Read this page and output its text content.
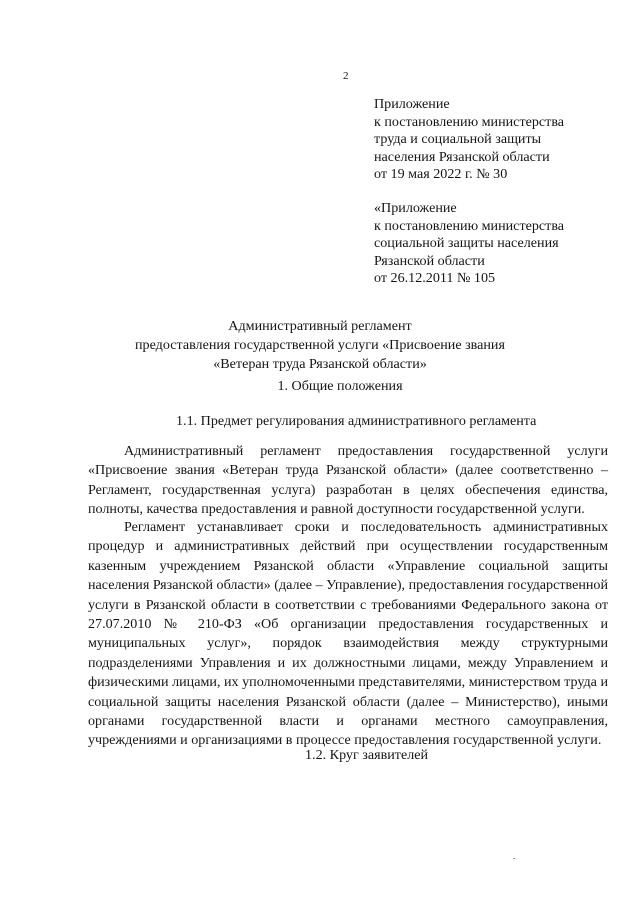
2
Приложение
к постановлению министерства
труда и социальной защиты
населения Рязанской области
от 19 мая 2022 г. № 30
«Приложение
к постановлению министерства
социальной защиты населения
Рязанской области
от 26.12.2011 № 105
Административный регламент
предоставления государственной услуги «Присвоение звания
«Ветеран труда Рязанской области»
1. Общие положения
1.1. Предмет регулирования административного регламента

Административный регламент предоставления государственной услуги «Присвоение звания «Ветеран труда Рязанской области» (далее соответственно – Регламент, государственная услуга) разработан в целях обеспечения единства, полноты, качества предоставления и равной доступности государственной услуги.

Регламент устанавливает сроки и последовательность административных процедур и административных действий при осуществлении государственным казенным учреждением Рязанской области «Управление социальной защиты населения Рязанской области» (далее – Управление), предоставления государственной услуги в Рязанской области в соответствии с требованиями Федерального закона от 27.07.2010 № 210-ФЗ «Об организации предоставления государственных и муниципальных услуг», порядок взаимодействия между структурными подразделениями Управления и их должностными лицами, между Управлением и физическими лицами, их уполномоченными представителями, министерством труда и социальной защиты населения Рязанской области (далее – Министерство), иными органами государственной власти и органами местного самоуправления, учреждениями и организациями в процессе предоставления государственной услуги.

1.2. Круг заявителей
